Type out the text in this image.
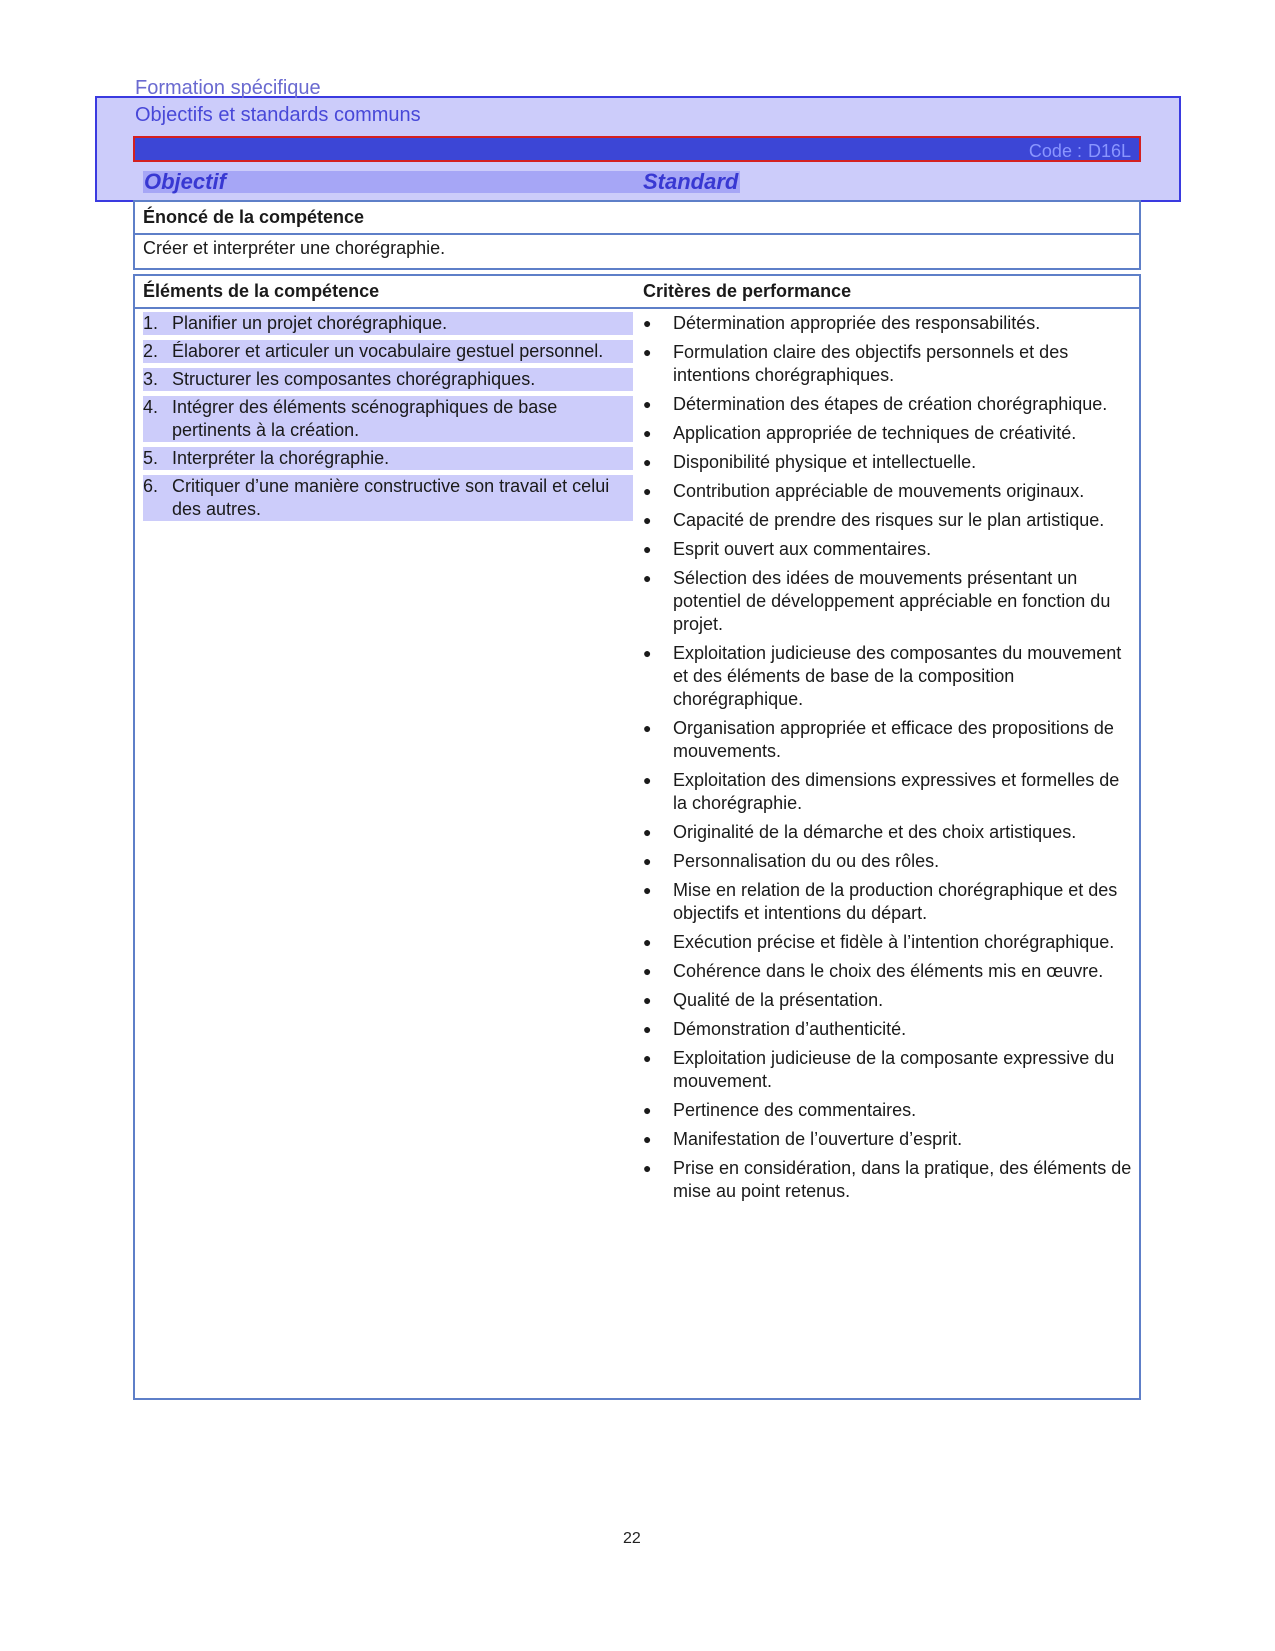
Formation spécifique
Objectifs et standards communs
Code : D16L
Objectif	Standard
Énoncé de la compétence
Créer et interpréter une chorégraphie.
Éléments de la compétence	Critères de performance
1. Planifier un projet chorégraphique.
2. Élaborer et articuler un vocabulaire gestuel personnel.
3. Structurer les composantes chorégraphiques.
4. Intégrer des éléments scénographiques de base pertinents à la création.
5. Interpréter la chorégraphie.
6. Critiquer d’une manière constructive son travail et celui des autres.
●	Détermination appropriée des responsabilités.
●	Formulation claire des objectifs personnels et des intentions chorégraphiques.
●	Détermination des étapes de création chorégraphique.
●	Application appropriée de techniques de créativité.
●	Disponibilité physique et intellectuelle.
●	Contribution appréciable de mouvements originaux.
●	Capacité de prendre des risques sur le plan artistique.
●	Esprit ouvert aux commentaires.
●	Sélection des idées de mouvements présentant un potentiel de développement appréciable en fonction du projet.
●	Exploitation judicieuse des composantes du mouvement et des éléments de base de la composition chorégraphique.
●	Organisation appropriée et efficace des propositions de mouvements.
●	Exploitation des dimensions expressives et formelles de la chorégraphie.
●	Originalité de la démarche et des choix artistiques.
●	Personnalisation du ou des rôles.
●	Mise en relation de la production chorégraphique et des objectifs et intentions du départ.
●	Exécution précise et fidèle à l’intention chorégraphique.
●	Cohérence dans le choix des éléments mis en œuvre.
●	Qualité de la présentation.
●	Démonstration d’authenticité.
●	Exploitation judicieuse de la composante expressive du mouvement.
●	Pertinence des commentaires.
●	Manifestation de l’ouverture d’esprit.
●	Prise en considération, dans la pratique, des éléments de mise au point retenus.
22
